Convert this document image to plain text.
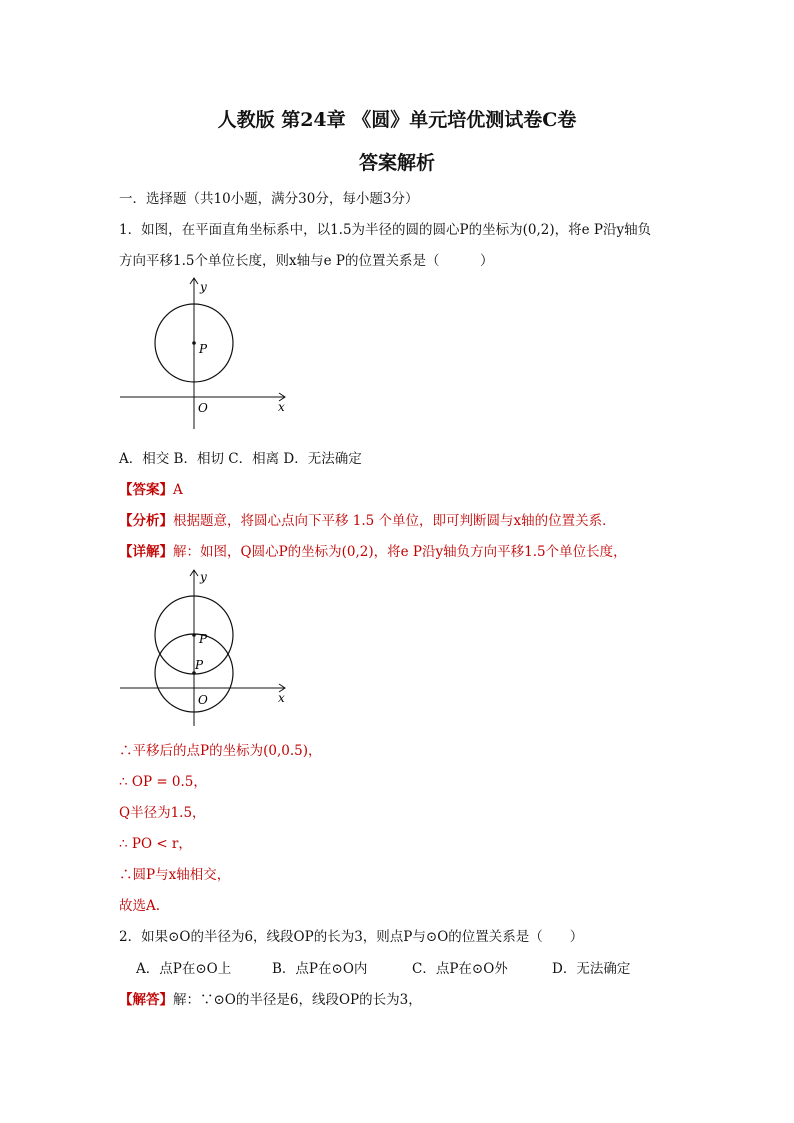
人教版 第24章 《圆》单元培优测试卷C卷
答案解析
一．选择题（共10小题，满分30分，每小题3分）
1．如图，在平面直角坐标系中，以1.5为半径的圆的圆心P的坐标为(0,2)，将e P沿y轴负
方向平移1.5个单位长度，则x轴与e P的位置关系是（　　　）
y
x
O
P
A．相交 B．相切 C．相离 D．无法确定
【答案】A
【分析】根据题意，将圆心点向下平移 1.5 个单位，即可判断圆与x轴的位置关系．
【详解】解：如图，Q圆心P的坐标为(0,2)，将e P沿y轴负方向平移1.5个单位长度，
y
x
O
P
P
∴平移后的点P的坐标为(0,0.5)，
∴ OP = 0.5，
Q半径为1.5，
∴ PO < r，
∴圆P与x轴相交，
故选A.
2．如果⊙O的半径为6，线段OP的长为3，则点P与⊙O的位置关系是（　　）
A．点P在⊙O上	B．点P在⊙O内	C．点P在⊙O外	D．无法确定
【解答】解：∵⊙O的半径是6，线段OP的长为3，
